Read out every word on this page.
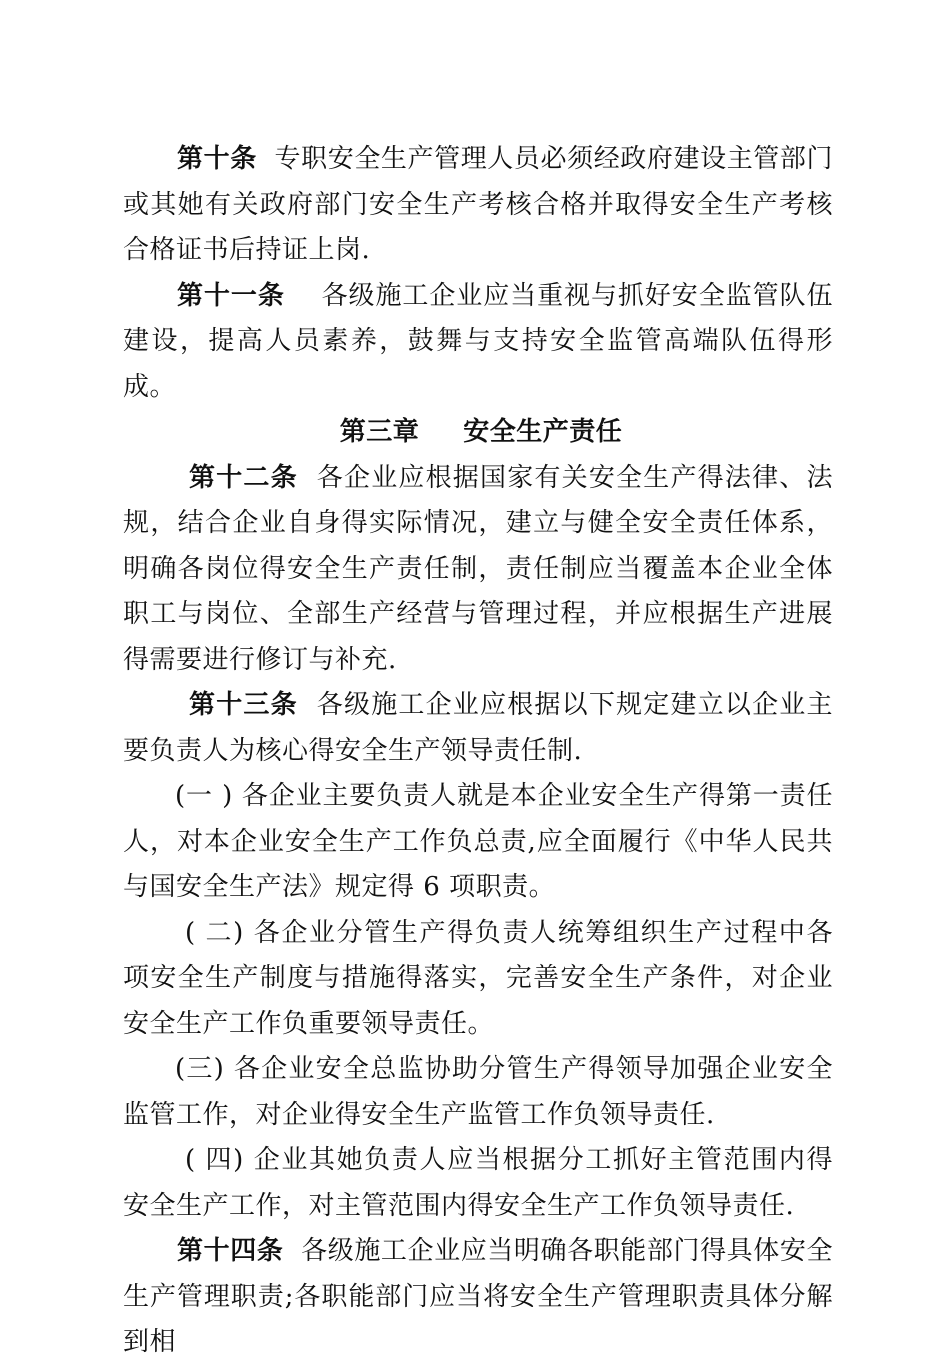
第十条 专职安全生产管理人员必须经政府建设主管部门或其她有关政府部门安全生产考核合格并取得安全生产考核合格证书后持证上岗.

第十一条 各级施工企业应当重视与抓好安全监管队伍建设，提高人员素养，鼓舞与支持安全监管高端队伍得形成。

第三章 安全生产责任

第十二条 各企业应根据国家有关安全生产得法律、法规，结合企业自身得实际情况，建立与健全安全责任体系，明确各岗位得安全生产责任制，责任制应当覆盖本企业全体职工与岗位、全部生产经营与管理过程，并应根据生产进展得需要进行修订与补充.

第十三条 各级施工企业应根据以下规定建立以企业主要负责人为核心得安全生产领导责任制.

(一 ) 各企业主要负责人就是本企业安全生产得第一责任人，对本企业安全生产工作负总责,应全面履行《中华人民共与国安全生产法》规定得 6 项职责。

( 二) 各企业分管生产得负责人统筹组织生产过程中各项安全生产制度与措施得落实，完善安全生产条件，对企业安全生产工作负重要领导责任。

(三) 各企业安全总监协助分管生产得领导加强企业安全监管工作，对企业得安全生产监管工作负领导责任.

( 四) 企业其她负责人应当根据分工抓好主管范围内得安全生产工作，对主管范围内得安全生产工作负领导责任.

第十四条 各级施工企业应当明确各职能部门得具体安全生产管理职责;各职能部门应当将安全生产管理职责具体分解到相
